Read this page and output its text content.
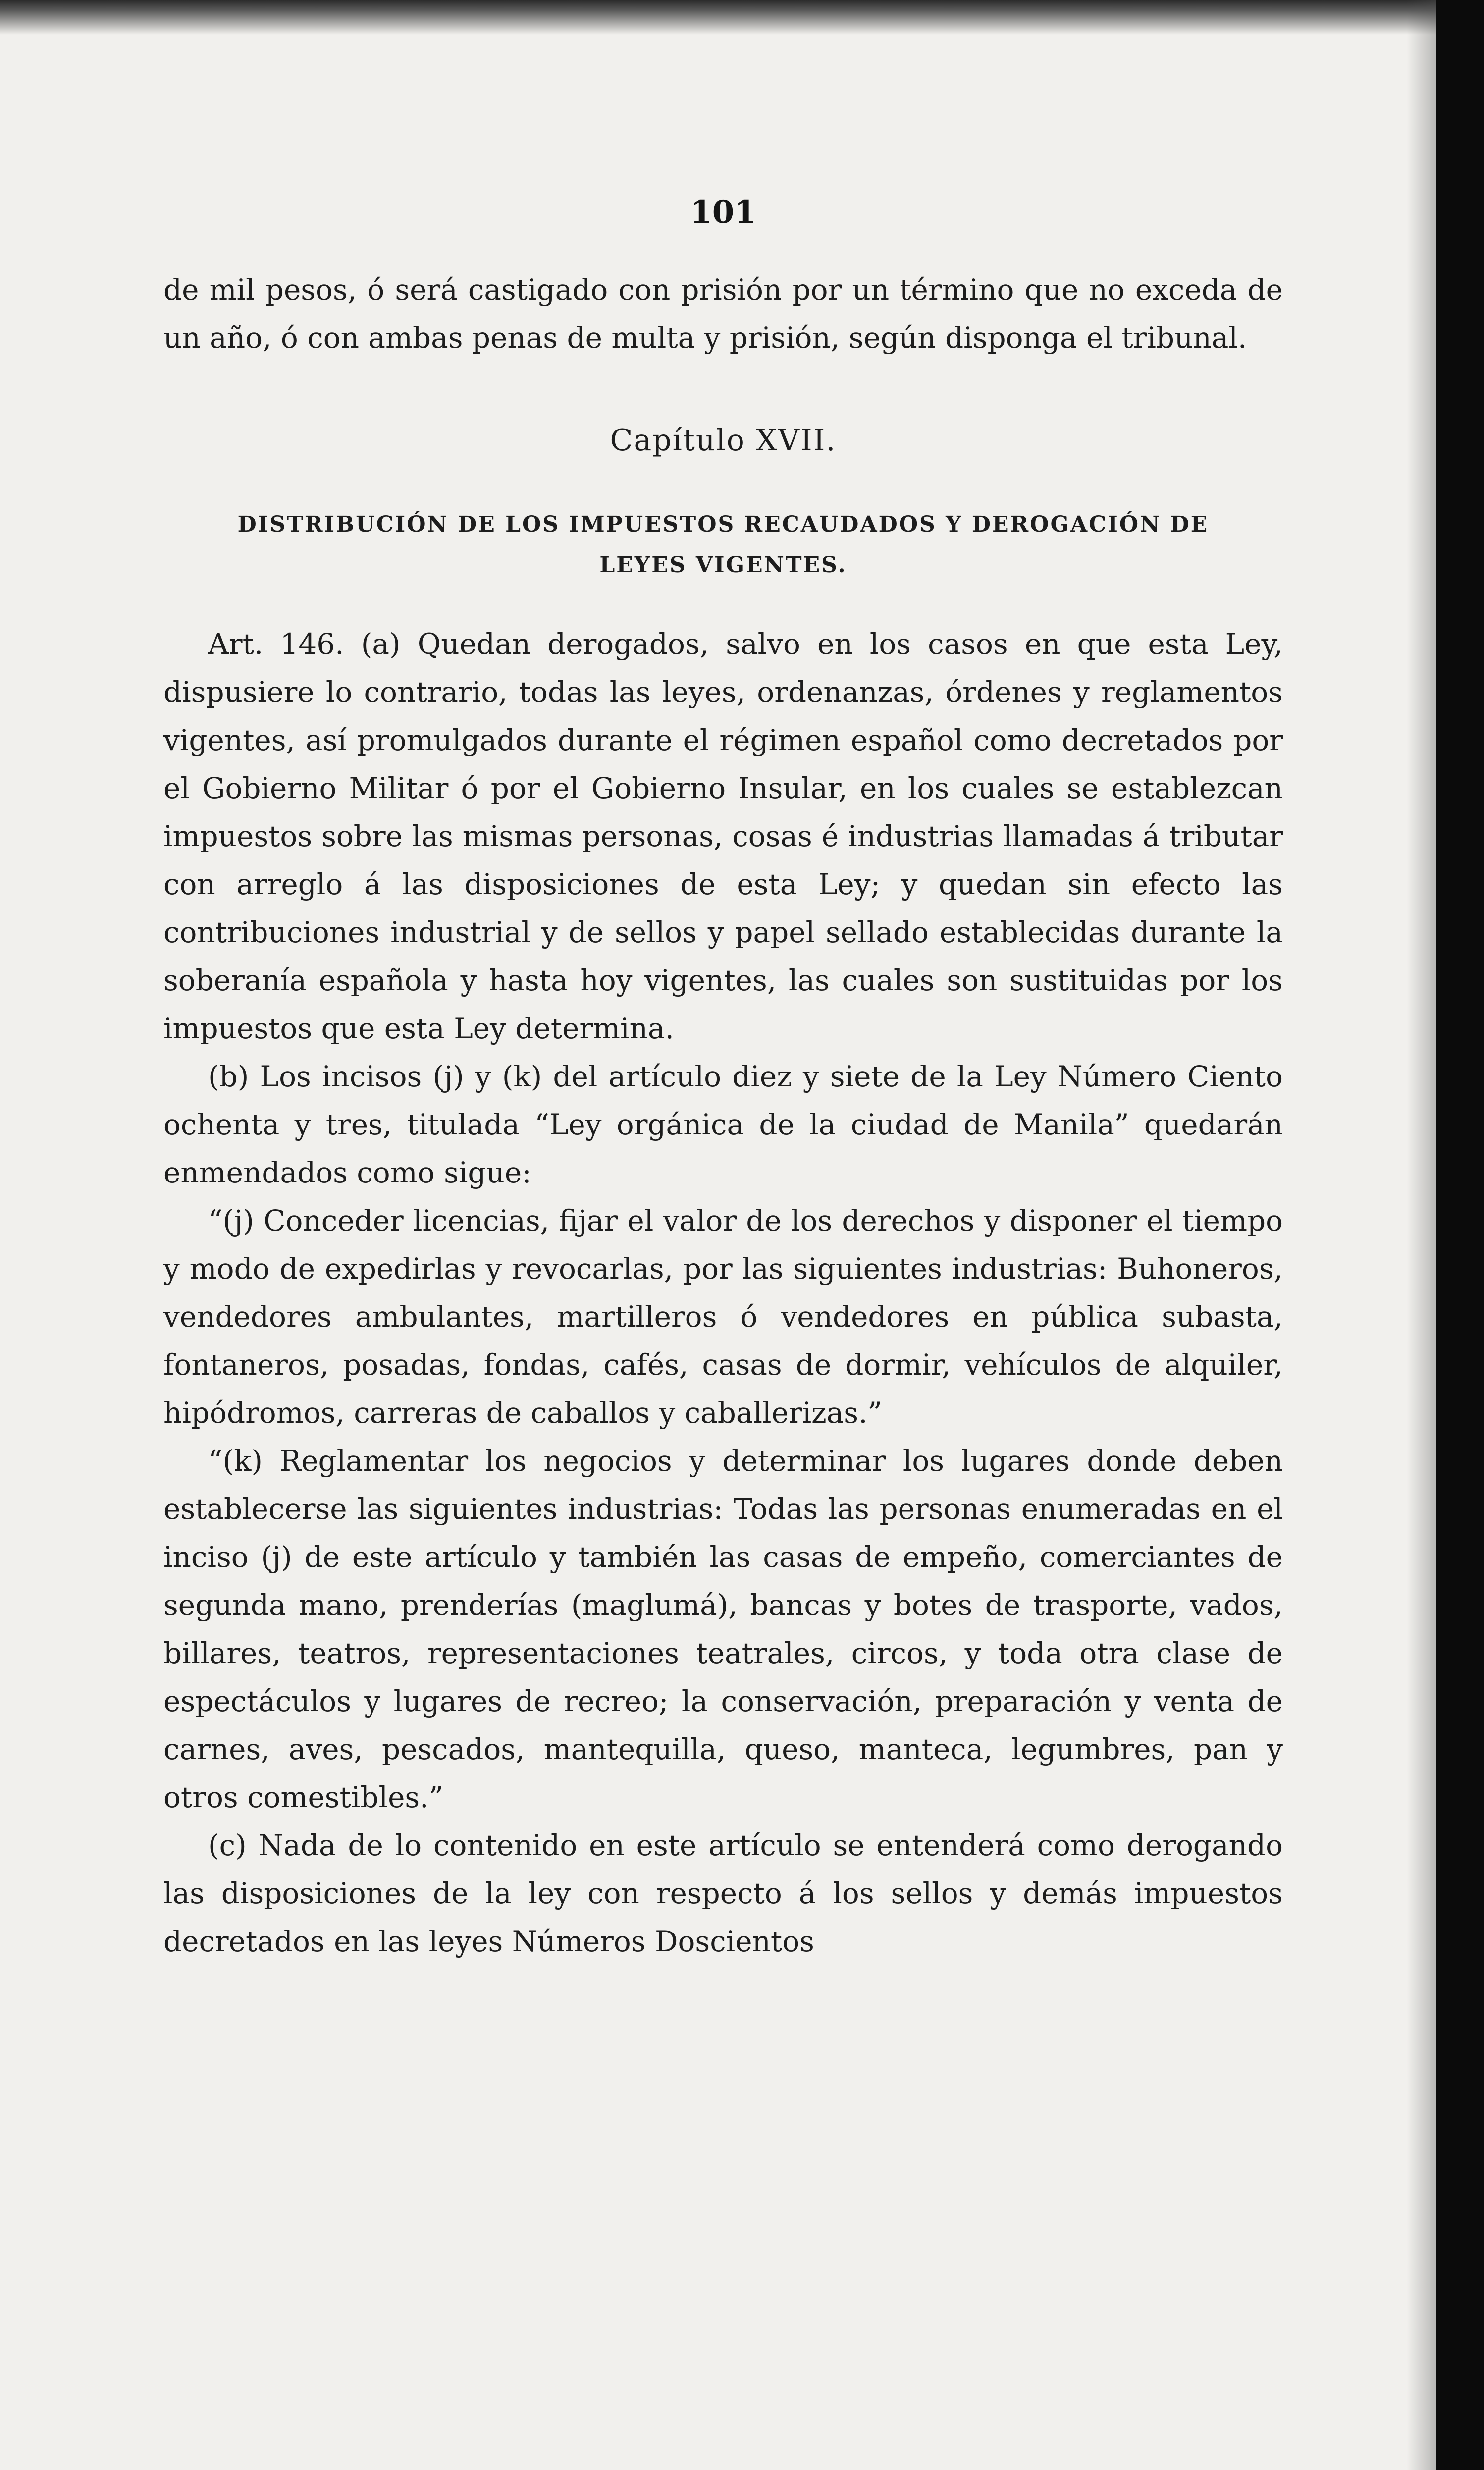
101

de mil pesos, ó será castigado con prisión por un término que no exceda de un año, ó con ambas penas de multa y prisión, según disponga el tribunal.

Capítulo XVII.
DISTRIBUCIÓN DE LOS IMPUESTOS RECAUDADOS Y DEROGACIÓN DE
LEYES VIGENTES.

Art. 146. (a) Quedan derogados, salvo en los casos en que esta Ley, dispusiere lo contrario, todas las leyes, ordenanzas, órdenes y reglamentos vigentes, así promulgados durante el régimen español como decretados por el Gobierno Militar ó por el Gobierno Insular, en los cuales se establezcan impuestos sobre las mismas personas, cosas é industrias llamadas á tributar con arreglo á las disposiciones de esta Ley; y quedan sin efecto las contribuciones industrial y de sellos y papel sellado establecidas durante la soberanía española y hasta hoy vigentes, las cuales son sustituidas por los impuestos que esta Ley determina.

(b) Los incisos (j) y (k) del artículo diez y siete de la Ley Número Ciento ochenta y tres, titulada “Ley orgánica de la ciudad de Manila” quedarán enmendados como sigue:

“(j) Conceder licencias, fijar el valor de los derechos y disponer el tiempo y modo de expedirlas y revocarlas, por las siguientes industrias: Buhoneros, vendedores ambulantes, martilleros ó vendedores en pública subasta, fontaneros, posadas, fondas, cafés, casas de dormir, vehículos de alquiler, hipódromos, carreras de caballos y caballerizas.”

“(k) Reglamentar los negocios y determinar los lugares donde deben establecerse las siguientes industrias: Todas las personas enumeradas en el inciso (j) de este artículo y también las casas de empeño, comerciantes de segunda mano, prenderías (maglumá), bancas y botes de trasporte, vados, billares, teatros, representaciones teatrales, circos, y toda otra clase de espectáculos y lugares de recreo; la conservación, preparación y venta de carnes, aves, pescados, mantequilla, queso, manteca, legumbres, pan y otros comestibles.”

(c) Nada de lo contenido en este artículo se entenderá como derogando las disposiciones de la ley con respecto á los sellos y demás impuestos decretados en las leyes Números Doscientos
